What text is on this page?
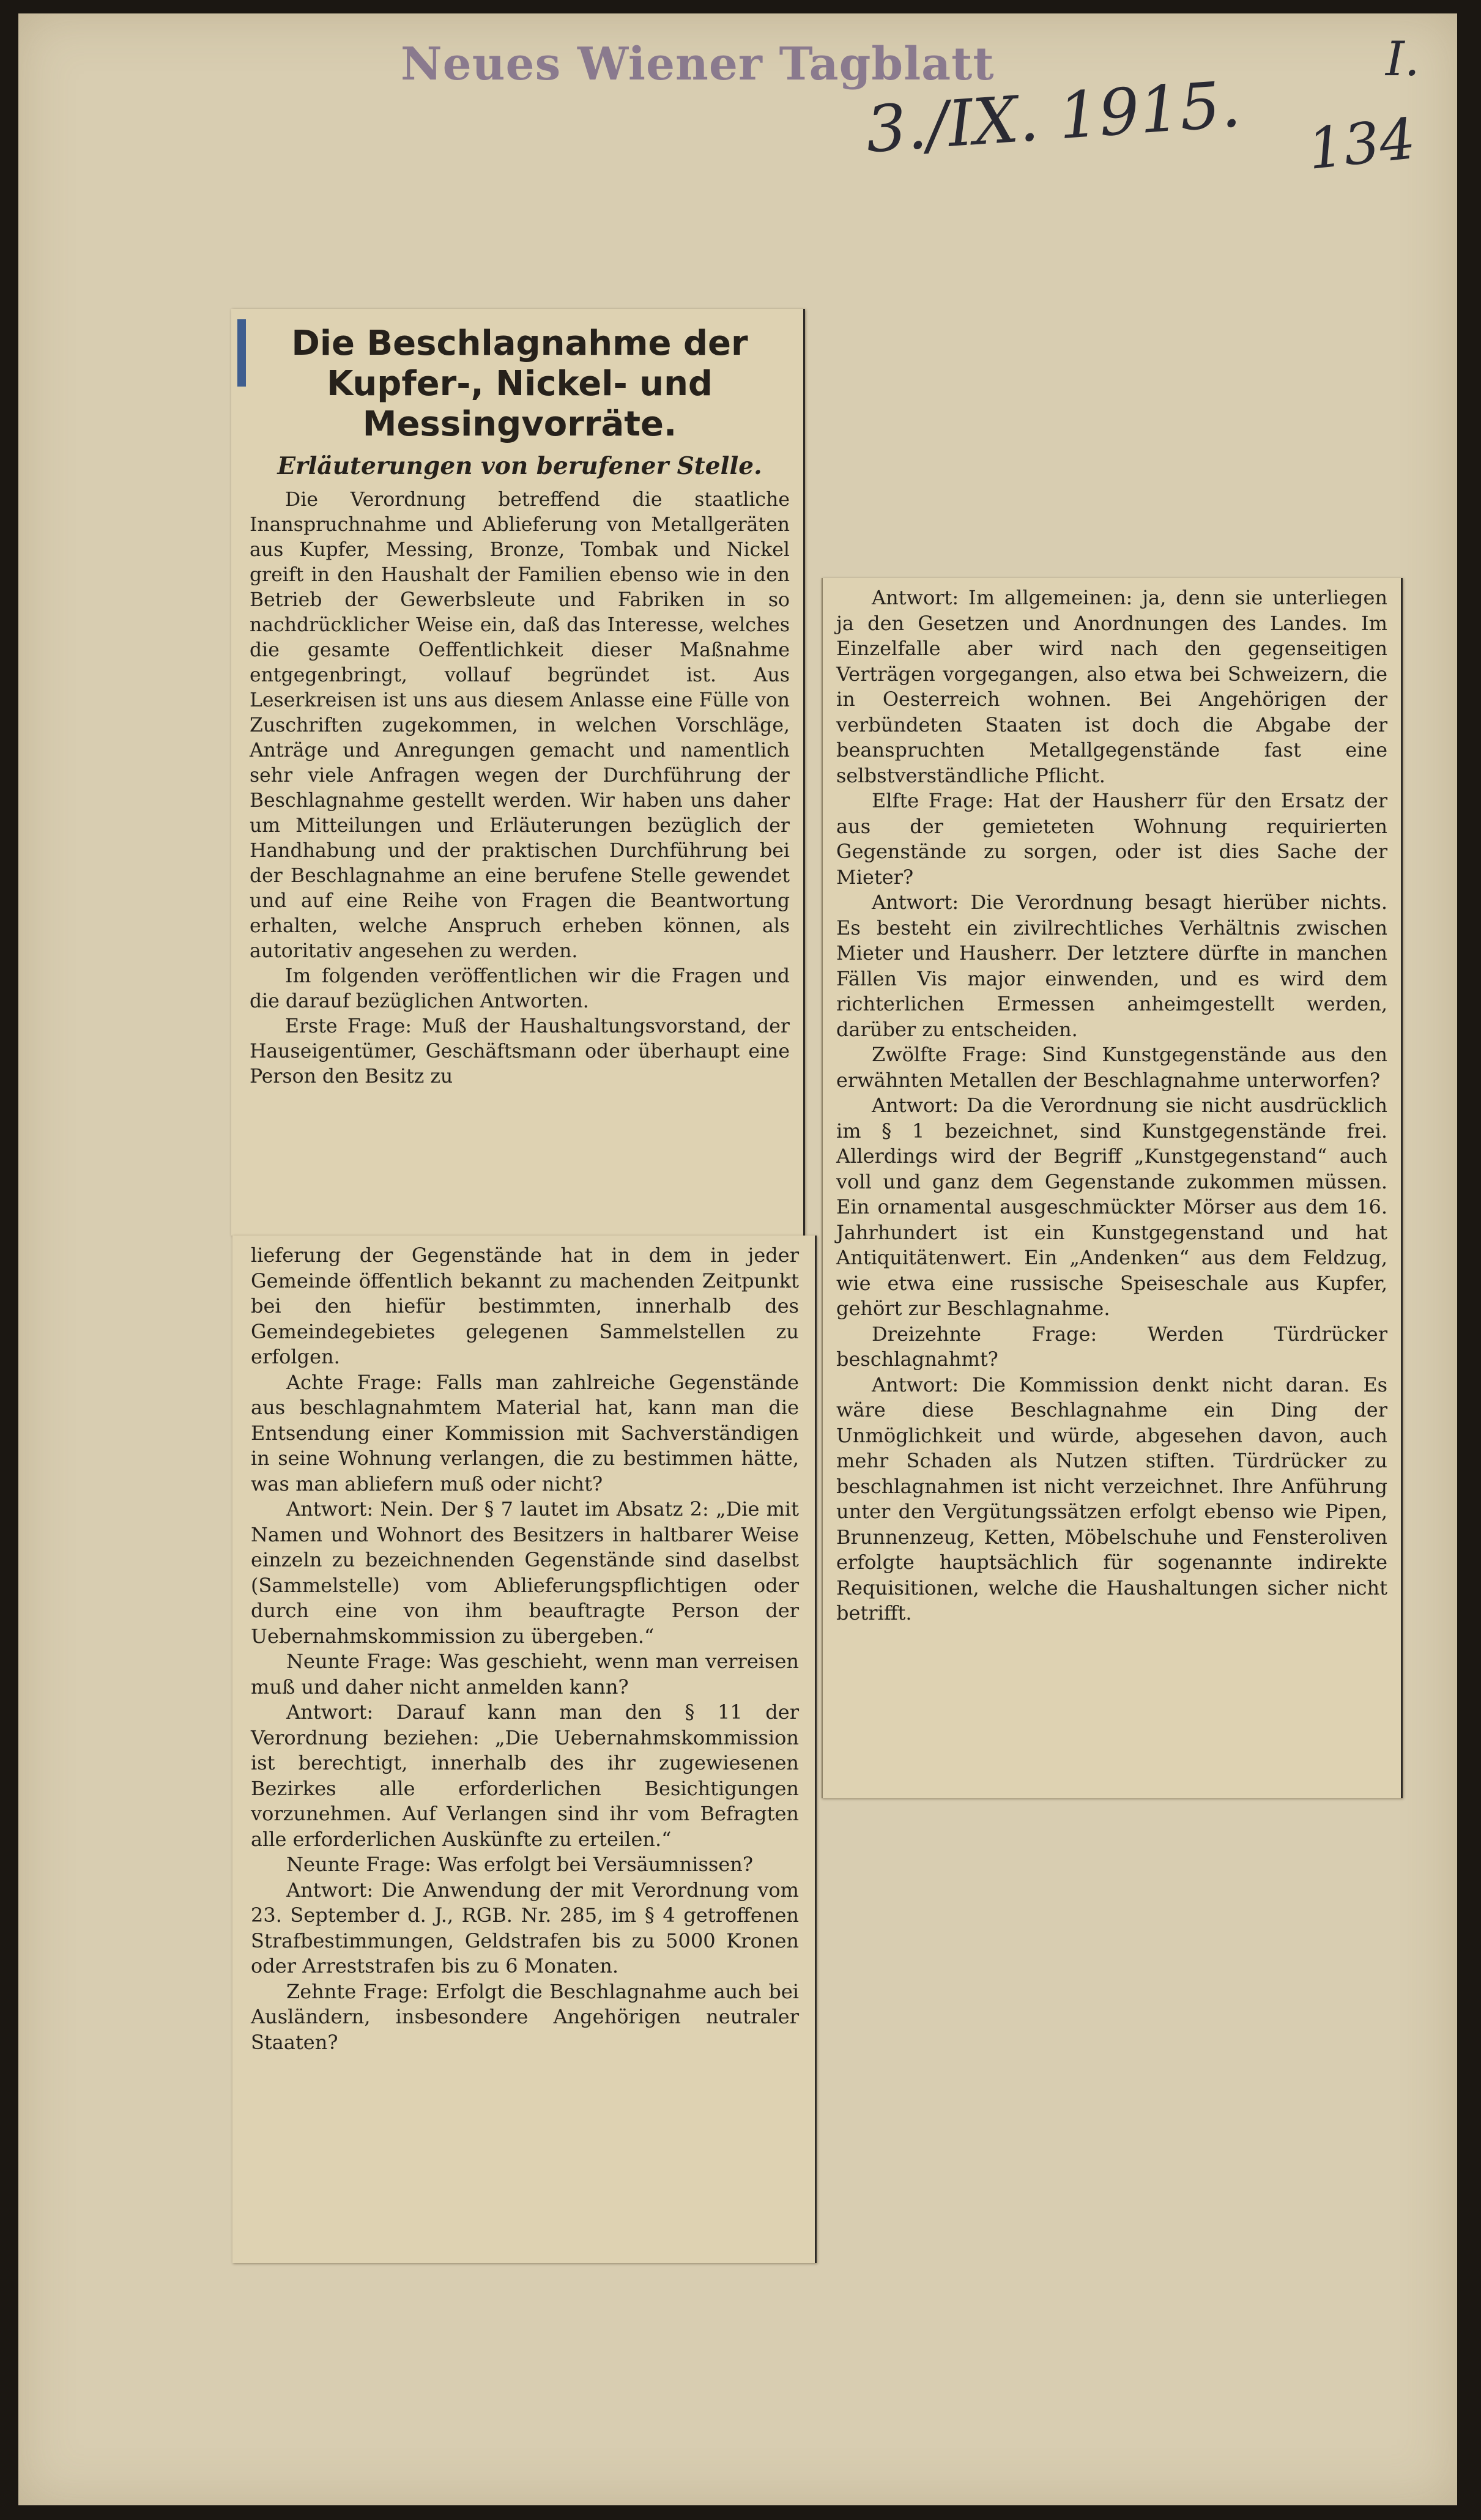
Neues Wiener Tagblatt
3./IX. 1915.
I.
134
Die Beschlagnahme der Kupfer-, Nickel- und Messingvorräte.
Erläuterungen von berufener Stelle.

Die Verordnung betreffend die staatliche Inanspruchnahme und Ablieferung von Metallgeräten aus Kupfer, Messing, Bronze, Tombak und Nickel greift in den Haushalt der Familien ebenso wie in den Betrieb der Gewerbsleute und Fabriken in so nachdrücklicher Weise ein, daß das Interesse, welches die gesamte Oeffentlichkeit dieser Maßnahme entgegenbringt, vollauf begründet ist. Aus Leserkreisen ist uns aus diesem Anlasse eine Fülle von Zuschriften zugekommen, in welchen Vorschläge, Anträge und Anregungen gemacht und namentlich sehr viele Anfragen wegen der Durchführung der Beschlagnahme gestellt werden. Wir haben uns daher um Mitteilungen und Erläuterungen bezüglich der Handhabung und der praktischen Durchführung bei der Beschlagnahme an eine berufene Stelle gewendet und auf eine Reihe von Fragen die Beantwortung erhalten, welche Anspruch erheben können, als autoritativ angesehen zu werden.

Im folgenden veröffentlichen wir die Fragen und die darauf bezüglichen Antworten.

Erste Frage: Muß der Haushaltungsvorstand, der Hauseigentümer, Geschäftsmann oder überhaupt eine Person den Besitz zu

lieferung der Gegenstände hat in dem in jeder Gemeinde öffentlich bekannt zu machenden Zeitpunkt bei den hiefür bestimmten, innerhalb des Gemeindegebietes gelegenen Sammelstellen zu erfolgen.

Achte Frage: Falls man zahlreiche Gegenstände aus beschlagnahmtem Material hat, kann man die Entsendung einer Kommission mit Sachverständigen in seine Wohnung verlangen, die zu bestimmen hätte, was man abliefern muß oder nicht?

Antwort: Nein. Der § 7 lautet im Absatz 2: „Die mit Namen und Wohnort des Besitzers in haltbarer Weise einzeln zu bezeichnenden Gegenstände sind daselbst (Sammelstelle) vom Ablieferungspflichtigen oder durch eine von ihm beauftragte Person der Uebernahmskommission zu übergeben.“

Neunte Frage: Was geschieht, wenn man verreisen muß und daher nicht anmelden kann?

Antwort: Darauf kann man den § 11 der Verordnung beziehen: „Die Uebernahmskommission ist berechtigt, innerhalb des ihr zugewiesenen Bezirkes alle erforderlichen Besichtigungen vorzunehmen. Auf Verlangen sind ihr vom Befragten alle erforderlichen Auskünfte zu erteilen.“

Neunte Frage: Was erfolgt bei Versäumnissen?

Antwort: Die Anwendung der mit Verordnung vom 23. September d. J., RGB. Nr. 285, im § 4 getroffenen Strafbestimmungen, Geldstrafen bis zu 5000 Kronen oder Arreststrafen bis zu 6 Monaten.

Zehnte Frage: Erfolgt die Beschlagnahme auch bei Ausländern, insbesondere Angehörigen neutraler Staaten?

Antwort: Im allgemeinen: ja, denn sie unterliegen ja den Gesetzen und Anordnungen des Landes. Im Einzelfalle aber wird nach den gegenseitigen Verträgen vorgegangen, also etwa bei Schweizern, die in Oesterreich wohnen. Bei Angehörigen der verbündeten Staaten ist doch die Abgabe der beanspruchten Metallgegenstände fast eine selbstverständliche Pflicht.

Elfte Frage: Hat der Hausherr für den Ersatz der aus der gemieteten Wohnung requirierten Gegenstände zu sorgen, oder ist dies Sache der Mieter?

Antwort: Die Verordnung besagt hierüber nichts. Es besteht ein zivilrechtliches Verhältnis zwischen Mieter und Hausherr. Der letztere dürfte in manchen Fällen Vis major einwenden, und es wird dem richterlichen Ermessen anheimgestellt werden, darüber zu entscheiden.

Zwölfte Frage: Sind Kunstgegenstände aus den erwähnten Metallen der Beschlagnahme unterworfen?

Antwort: Da die Verordnung sie nicht ausdrücklich im § 1 bezeichnet, sind Kunstgegenstände frei. Allerdings wird der Begriff „Kunstgegenstand“ auch voll und ganz dem Gegenstande zukommen müssen. Ein ornamental ausgeschmückter Mörser aus dem 16. Jahrhundert ist ein Kunstgegenstand und hat Antiquitätenwert. Ein „Andenken“ aus dem Feldzug, wie etwa eine russische Speiseschale aus Kupfer, gehört zur Beschlagnahme.

Dreizehnte Frage: Werden Türdrücker beschlagnahmt?

Antwort: Die Kommission denkt nicht daran. Es wäre diese Beschlagnahme ein Ding der Unmöglichkeit und würde, abgesehen davon, auch mehr Schaden als Nutzen stiften. Türdrücker zu beschlagnahmen ist nicht verzeichnet. Ihre Anführung unter den Vergütungssätzen erfolgt ebenso wie Pipen, Brunnenzeug, Ketten, Möbelschuhe und Fensteroliven erfolgte hauptsächlich für sogenannte indirekte Requisitionen, welche die Haushaltungen sicher nicht betrifft.
